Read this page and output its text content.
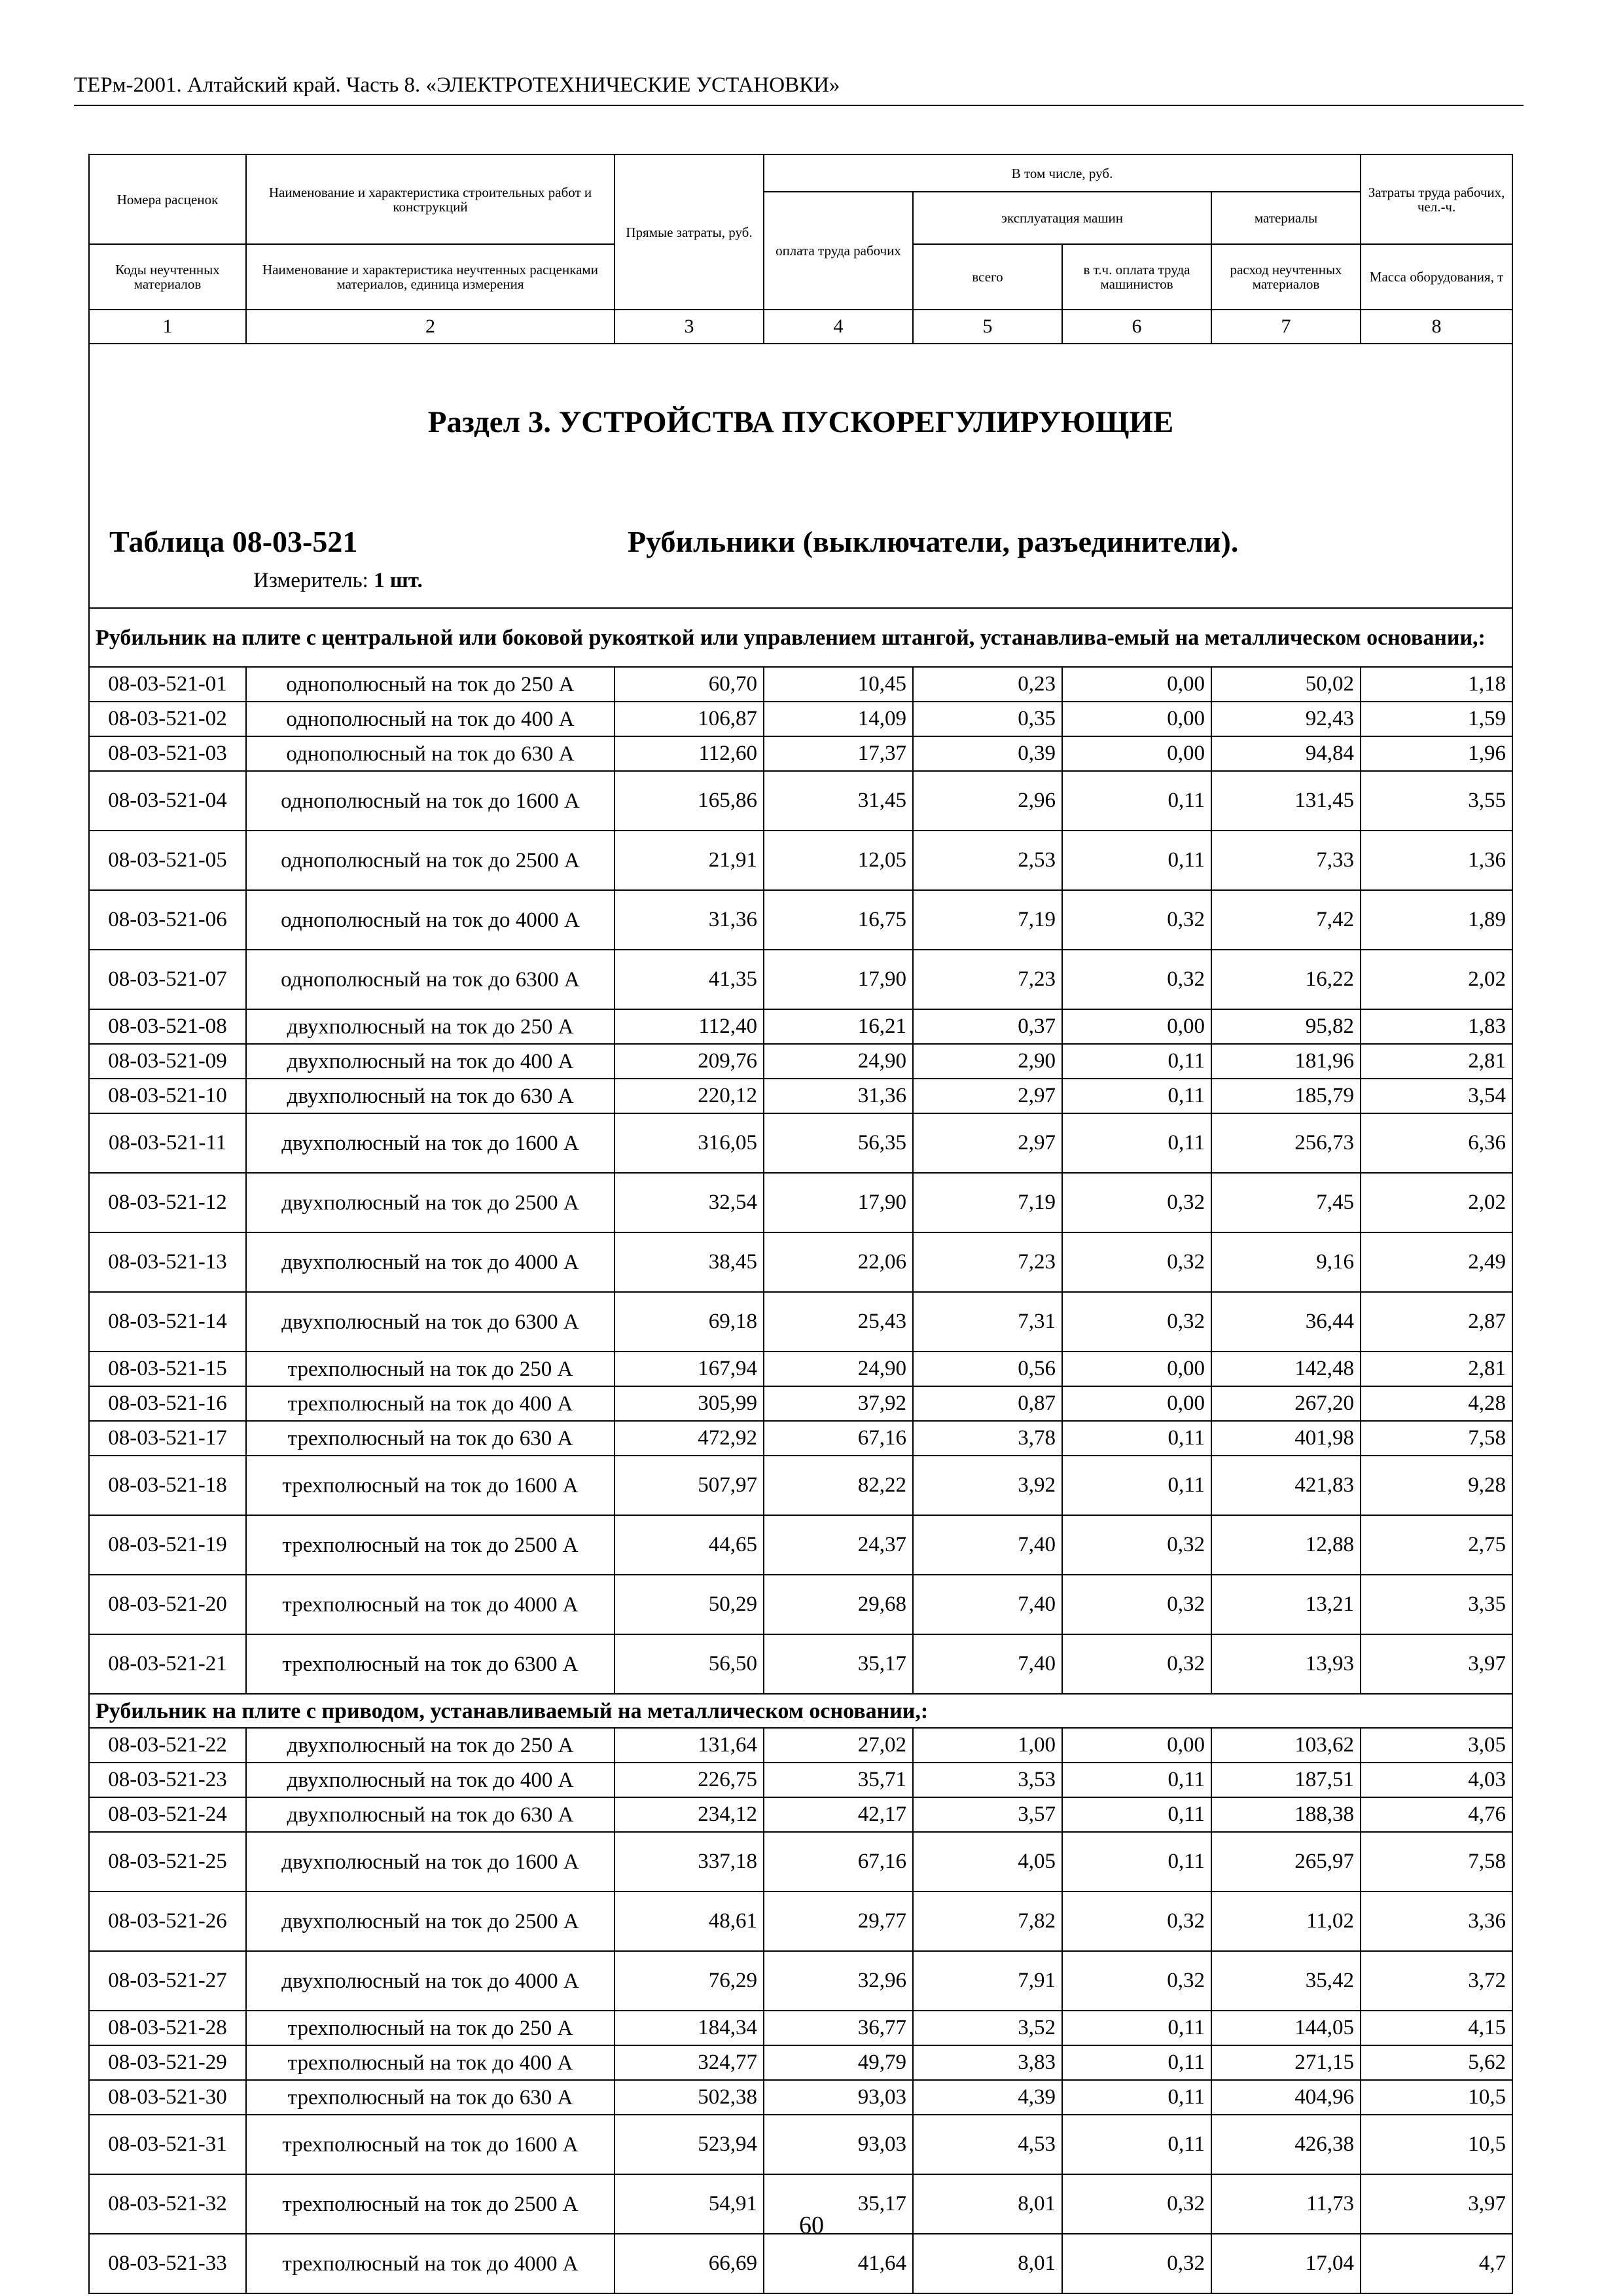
ТЕРм-2001. Алтайский край. Часть 8. «ЭЛЕКТРОТЕХНИЧЕСКИЕ УСТАНОВКИ»
Номера расценок	Наименование и характеристика строительных работ и конструкций	Прямые затраты, руб.	В том числе, руб.				Затраты труда рабочих, чел.-ч.
			оплата труда рабочих	эксплуатация машин		материалы	
Коды неучтенных материалов	Наименование и характеристика неучтенных расценками материалов, единица измерения			всего	в т.ч. оплата труда машинистов	расход неучтенных материалов	Масса оборудования, т
1	2	3	4	5	6	7	8

Раздел 3. УСТРОЙСТВА ПУСКОРЕГУЛИРУЮЩИЕ
Таблица 08-03-521 Рубильники (выключатели, разъединители).
Измеритель: 1 шт.							

Рубильник на плите с центральной или боковой рукояткой или управлением штангой, устанавлива-емый на металлическом основании,:							
08-03-521-01	однополюсный на ток до 250 А	60,70	10,45	0,23	0,00	50,02	1,18
08-03-521-02	однополюсный на ток до 400 А	106,87	14,09	0,35	0,00	92,43	1,59
08-03-521-03	однополюсный на ток до 630 А	112,60	17,37	0,39	0,00	94,84	1,96
08-03-521-04	однополюсный на ток до 1600 А	165,86	31,45	2,96	0,11	131,45	3,55
08-03-521-05	однополюсный на ток до 2500 А	21,91	12,05	2,53	0,11	7,33	1,36
08-03-521-06	однополюсный на ток до 4000 А	31,36	16,75	7,19	0,32	7,42	1,89
08-03-521-07	однополюсный на ток до 6300 А	41,35	17,90	7,23	0,32	16,22	2,02
08-03-521-08	двухполюсный на ток до 250 А	112,40	16,21	0,37	0,00	95,82	1,83
08-03-521-09	двухполюсный на ток до 400 А	209,76	24,90	2,90	0,11	181,96	2,81
08-03-521-10	двухполюсный на ток до 630 А	220,12	31,36	2,97	0,11	185,79	3,54
08-03-521-11	двухполюсный на ток до 1600 А	316,05	56,35	2,97	0,11	256,73	6,36
08-03-521-12	двухполюсный на ток до 2500 А	32,54	17,90	7,19	0,32	7,45	2,02
08-03-521-13	двухполюсный на ток до 4000 А	38,45	22,06	7,23	0,32	9,16	2,49
08-03-521-14	двухполюсный на ток до 6300 А	69,18	25,43	7,31	0,32	36,44	2,87
08-03-521-15	трехполюсный на ток до 250 А	167,94	24,90	0,56	0,00	142,48	2,81
08-03-521-16	трехполюсный на ток до 400 А	305,99	37,92	0,87	0,00	267,20	4,28
08-03-521-17	трехполюсный на ток до 630 А	472,92	67,16	3,78	0,11	401,98	7,58
08-03-521-18	трехполюсный на ток до 1600 А	507,97	82,22	3,92	0,11	421,83	9,28
08-03-521-19	трехполюсный на ток до 2500 А	44,65	24,37	7,40	0,32	12,88	2,75
08-03-521-20	трехполюсный на ток до 4000 А	50,29	29,68	7,40	0,32	13,21	3,35
08-03-521-21	трехполюсный на ток до 6300 А	56,50	35,17	7,40	0,32	13,93	3,97
Рубильник на плите с приводом, устанавливаемый на металлическом основании,:							
08-03-521-22	двухполюсный на ток до 250 А	131,64	27,02	1,00	0,00	103,62	3,05
08-03-521-23	двухполюсный на ток до 400 А	226,75	35,71	3,53	0,11	187,51	4,03
08-03-521-24	двухполюсный на ток до 630 А	234,12	42,17	3,57	0,11	188,38	4,76
08-03-521-25	двухполюсный на ток до 1600 А	337,18	67,16	4,05	0,11	265,97	7,58
08-03-521-26	двухполюсный на ток до 2500 А	48,61	29,77	7,82	0,32	11,02	3,36
08-03-521-27	двухполюсный на ток до 4000 А	76,29	32,96	7,91	0,32	35,42	3,72
08-03-521-28	трехполюсный на ток до 250 А	184,34	36,77	3,52	0,11	144,05	4,15
08-03-521-29	трехполюсный на ток до 400 А	324,77	49,79	3,83	0,11	271,15	5,62
08-03-521-30	трехполюсный на ток до 630 А	502,38	93,03	4,39	0,11	404,96	10,5
08-03-521-31	трехполюсный на ток до 1600 А	523,94	93,03	4,53	0,11	426,38	10,5
08-03-521-32	трехполюсный на ток до 2500 А	54,91	35,17	8,01	0,32	11,73	3,97
08-03-521-33	трехполюсный на ток до 4000 А	66,69	41,64	8,01	0,32	17,04	4,7
60
